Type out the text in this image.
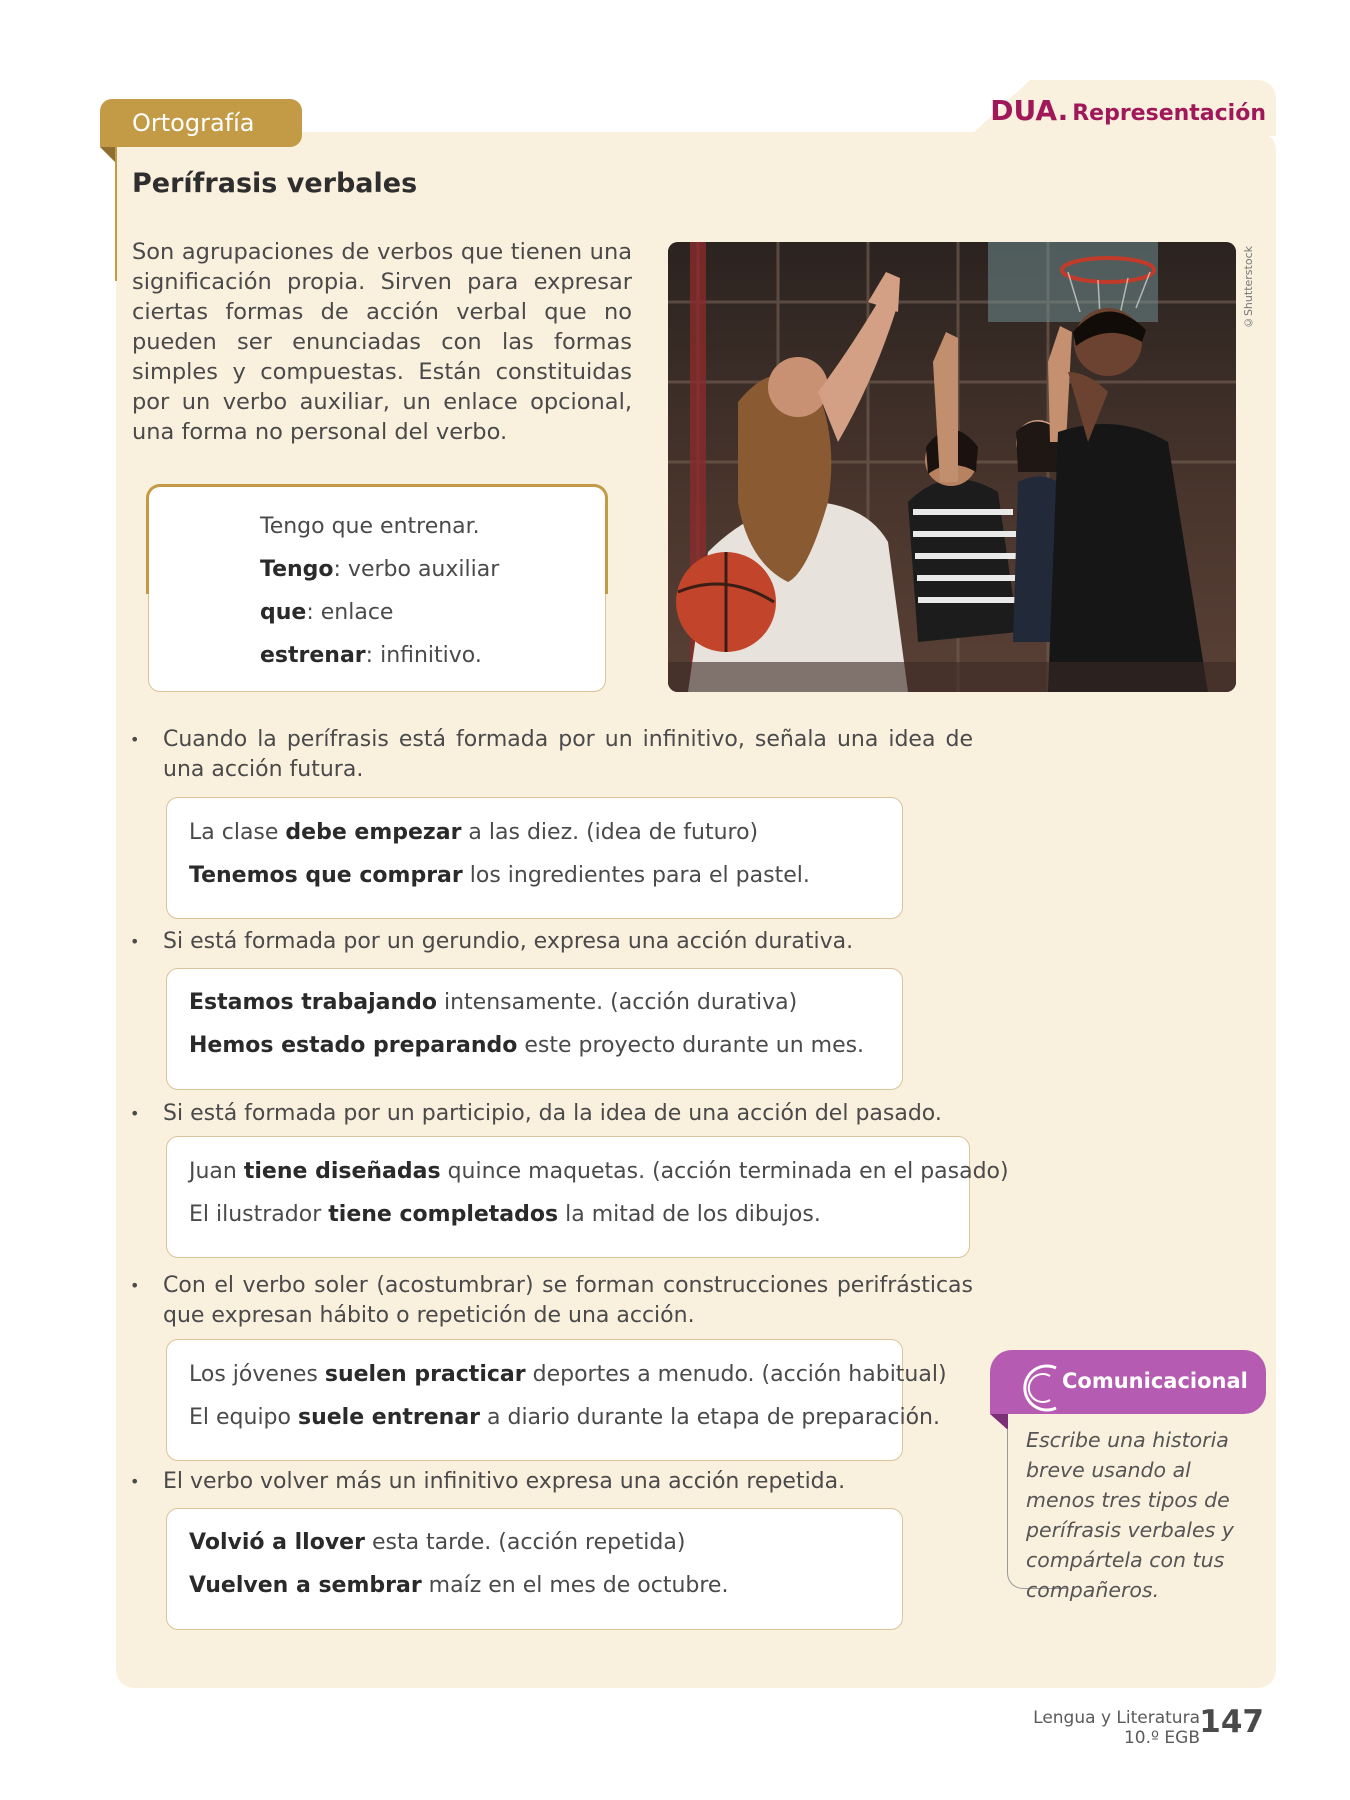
Ortografía	DUA. Representación
Perífrasis verbales
Son agrupaciones de verbos que tienen una significación propia. Sirven para expresar ciertas formas de acción verbal que no pueden ser enunciadas con las formas simples y compuestas. Están constituidas por un verbo auxiliar, un enlace opcional, una forma no personal del verbo.
©Shutterstock
Tengo que entrenar.
Tengo: verbo auxiliar
que: enlace
estrenar: infinitivo.
• Cuando la perífrasis está formada por un infinitivo, señala una idea de una acción futura.
La clase debe empezar a las diez. (idea de futuro)
Tenemos que comprar los ingredientes para el pastel.
• Si está formada por un gerundio, expresa una acción durativa.
Estamos trabajando intensamente. (acción durativa)
Hemos estado preparando este proyecto durante un mes.
• Si está formada por un participio, da la idea de una acción del pasado.
Juan tiene diseñadas quince maquetas. (acción terminada en el pasado)
El ilustrador tiene completados la mitad de los dibujos.
• Con el verbo soler (acostumbrar) se forman construcciones perifrásticas que expresan hábito o repetición de una acción.
Los jóvenes suelen practicar deportes a menudo. (acción habitual)
El equipo suele entrenar a diario durante la etapa de preparación.
• El verbo volver más un infinitivo expresa una acción repetida.
Volvió a llover esta tarde. (acción repetida)
Vuelven a sembrar maíz en el mes de octubre.
Comunicacional
Escribe una historia breve usando al menos tres tipos de perífrasis verbales y compártela con tus compañeros.
Lengua y Literatura
10.º EGB 147
